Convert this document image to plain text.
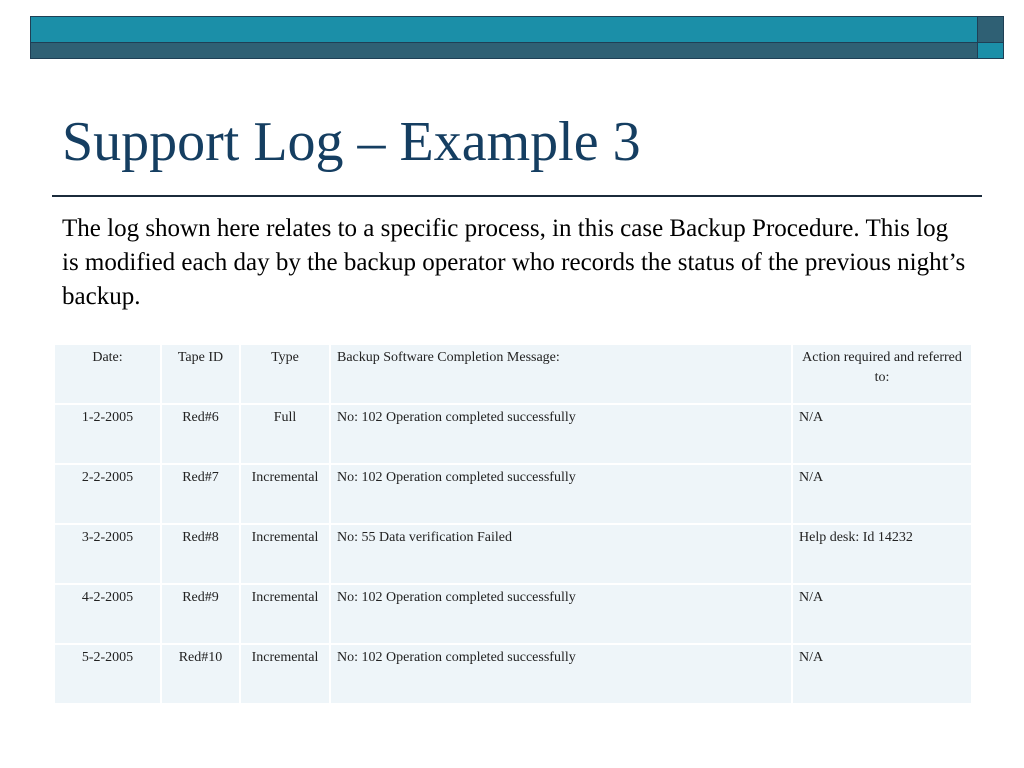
Support Log – Example 3

The log shown here relates to a specific process, in this case Backup Procedure. This log is modified each day by the backup operator who records the status of the previous night’s backup.

Date:	Tape ID	Type	Backup Software Completion Message:	Action required and referred to:
1-2-2005	Red#6	Full	No: 102 Operation completed successfully	N/A
2-2-2005	Red#7	Incremental	No: 102 Operation completed successfully	N/A
3-2-2005	Red#8	Incremental	No: 55 Data verification Failed	Help desk: Id 14232
4-2-2005	Red#9	Incremental	No: 102 Operation completed successfully	N/A
5-2-2005	Red#10	Incremental	No: 102 Operation completed successfully	N/A
